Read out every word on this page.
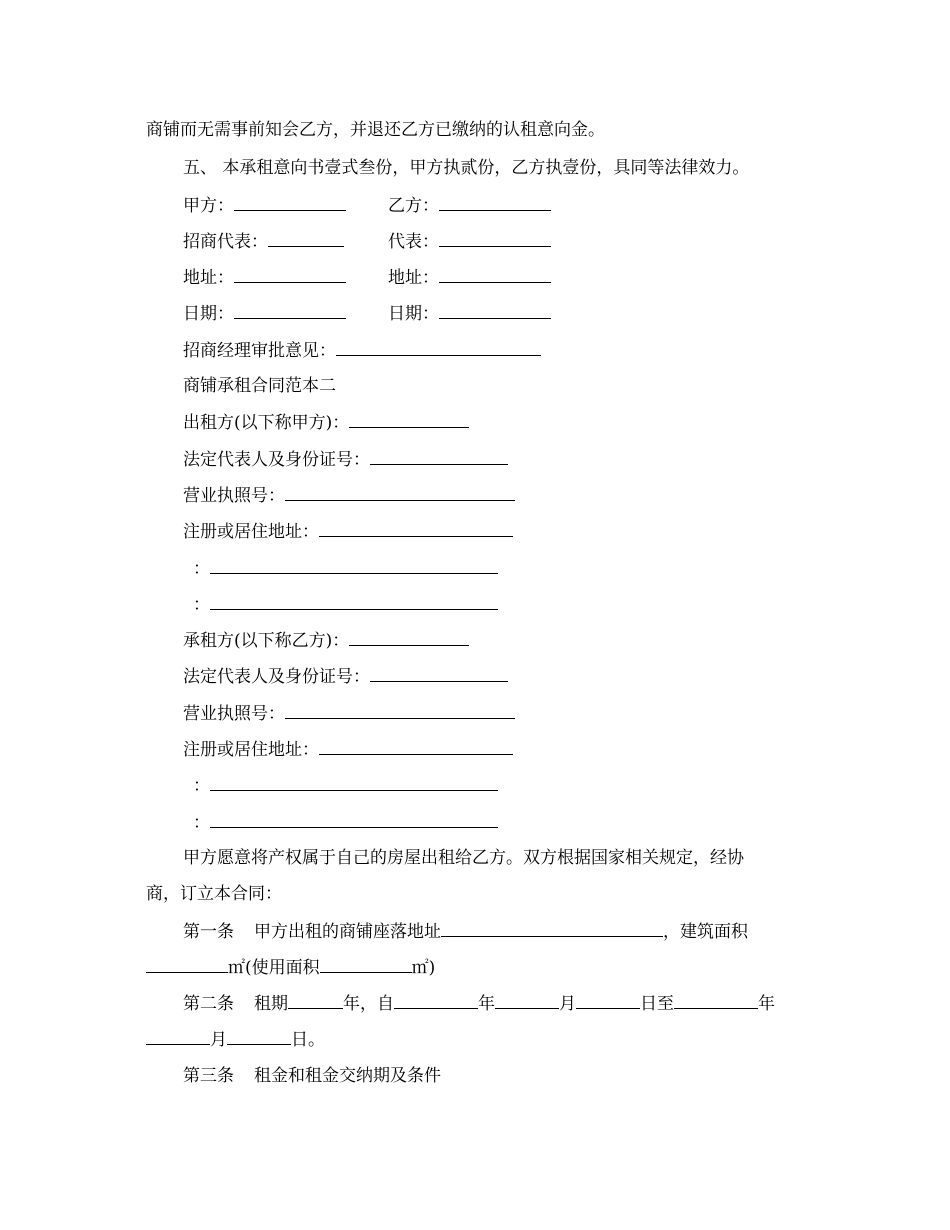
商铺而无需事前知会乙方，并退还乙方已缴纳的认租意向金。
五、 本承租意向书壹式叁份，甲方执贰份，乙方执壹份，具同等法律效力。
甲方：	乙方：
招商代表：	代表：
地址：	地址：
日期：	日期：
招商经理审批意见：
商铺承租合同范本二
出租方(以下称甲方)：
法定代表人及身份证号：
营业执照号：
注册或居住地址：
：
：
承租方(以下称乙方)：
法定代表人及身份证号：
营业执照号：
注册或居住地址：
：
：
甲方愿意将产权属于自己的房屋出租给乙方。双方根据国家相关规定，经协
商，订立本合同：
第一条 甲方出租的商铺座落地址	，建筑面积
㎡(使用面积	㎡)
第二条 租期	年，自	年	月	日至	年
月	日。
第三条 租金和租金交纳期及条件
